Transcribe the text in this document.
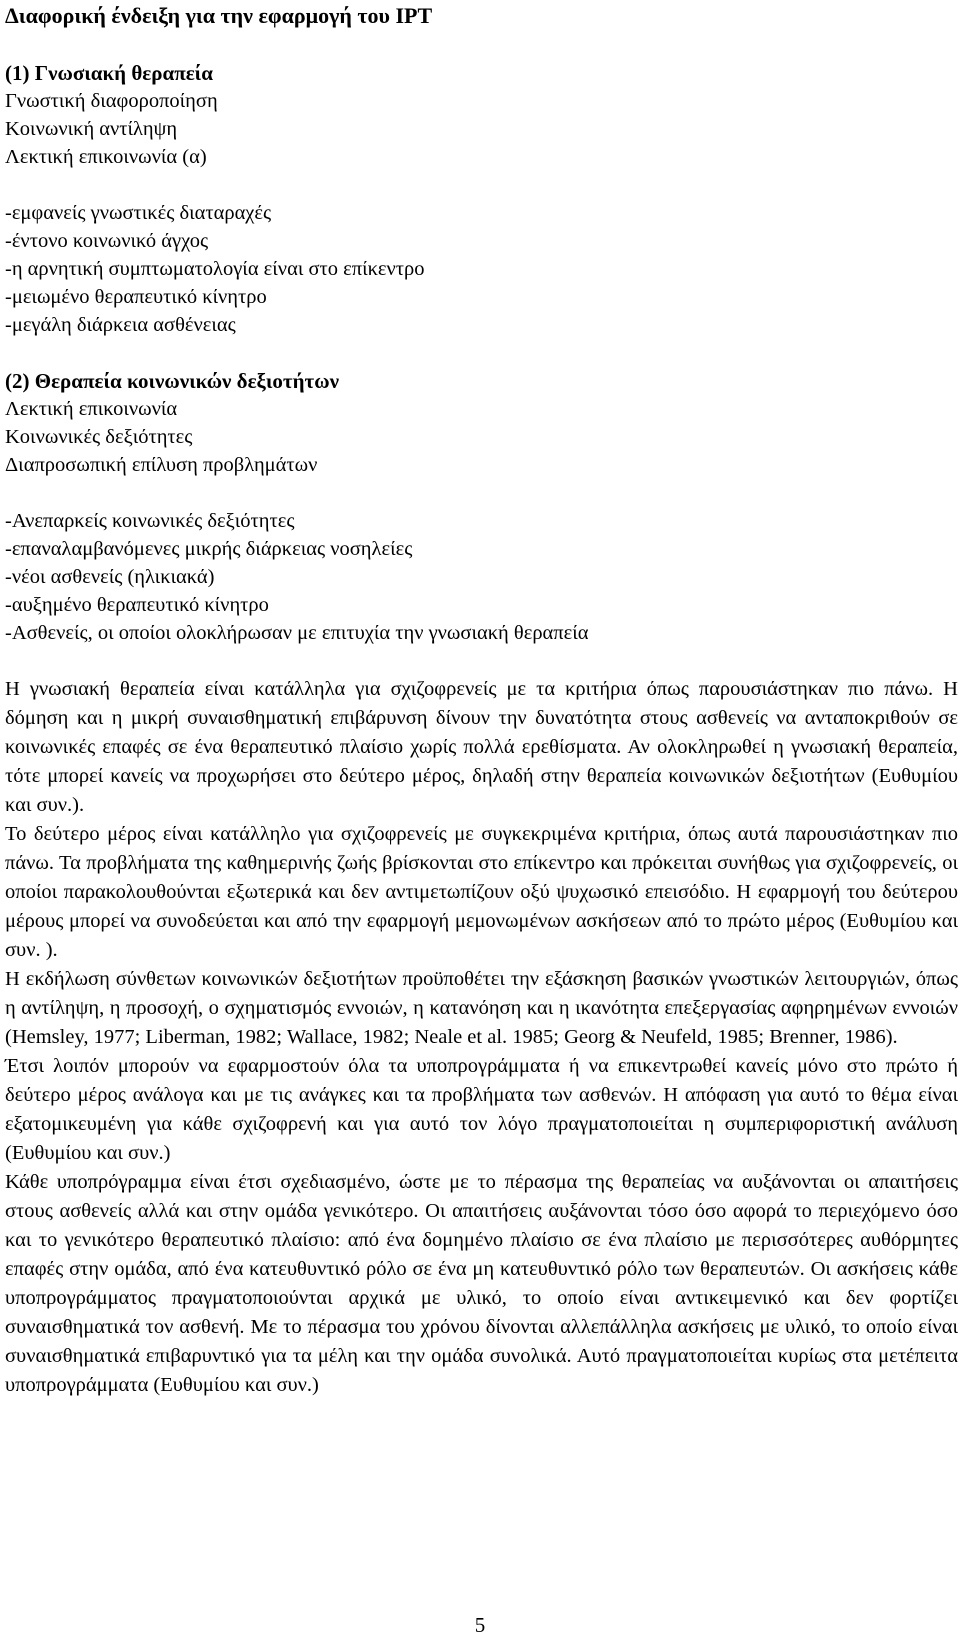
Διαφορική ένδειξη για την εφαρμογή του IPT

(1) Γνωσιακή θεραπεία

Γνωστική διαφοροποίηση

Κοινωνική αντίληψη

Λεκτική επικοινωνία (α)

-εμφανείς γνωστικές διαταραχές

-έντονο κοινωνικό άγχος

-η αρνητική συμπτωματολογία είναι στο επίκεντρο

-μειωμένο θεραπευτικό κίνητρο

-μεγάλη διάρκεια ασθένειας

(2) Θεραπεία κοινωνικών δεξιοτήτων

Λεκτική επικοινωνία

Κοινωνικές δεξιότητες

Διαπροσωπική επίλυση προβλημάτων

-Ανεπαρκείς κοινωνικές δεξιότητες

-επαναλαμβανόμενες μικρής διάρκειας νοσηλείες

-νέοι ασθενείς (ηλικιακά)

-αυξημένο θεραπευτικό κίνητρο

-Ασθενείς, οι οποίοι ολοκλήρωσαν με επιτυχία την γνωσιακή θεραπεία

Η γνωσιακή θεραπεία είναι κατάλληλα για σχιζοφρενείς με τα κριτήρια όπως παρουσιάστηκαν πιο πάνω. Η δόμηση και η μικρή συναισθηματική επιβάρυνση δίνουν την δυνατότητα στους ασθενείς να ανταποκριθούν σε κοινωνικές επαφές σε ένα θεραπευτικό πλαίσιο χωρίς πολλά ερεθίσματα. Αν ολοκληρωθεί η γνωσιακή θεραπεία, τότε μπορεί κανείς να προχωρήσει στο δεύτερο μέρος, δηλαδή στην θεραπεία κοινωνικών δεξιοτήτων (Ευθυμίου και συν.).

Το δεύτερο μέρος είναι κατάλληλο για σχιζοφρενείς με συγκεκριμένα κριτήρια, όπως αυτά παρουσιάστηκαν πιο πάνω. Τα προβλήματα της καθημερινής ζωής βρίσκονται στο επίκεντρο και πρόκειται συνήθως για σχιζοφρενείς, οι οποίοι παρακολουθούνται εξωτερικά και δεν αντιμετωπίζουν οξύ ψυχωσικό επεισόδιο. Η εφαρμογή του δεύτερου μέρους μπορεί να συνοδεύεται και από την εφαρμογή μεμονωμένων ασκήσεων από το πρώτο μέρος (Ευθυμίου και συν. ).

Η εκδήλωση σύνθετων κοινωνικών δεξιοτήτων προϋποθέτει την εξάσκηση βασικών γνωστικών λειτουργιών, όπως η αντίληψη, η προσοχή, ο σχηματισμός εννοιών, η κατανόηση και η ικανότητα επεξεργασίας αφηρημένων εννοιών (Hemsley, 1977; Liberman, 1982; Wallace, 1982; Neale et al. 1985; Georg & Neufeld, 1985; Brenner, 1986).

Έτσι λοιπόν μπορούν να εφαρμοστούν όλα τα υποπρογράμματα ή να επικεντρωθεί κανείς μόνο στο πρώτο ή δεύτερο μέρος ανάλογα και με τις ανάγκες και τα προβλήματα των ασθενών. Η απόφαση για αυτό το θέμα είναι εξατομικευμένη για κάθε σχιζοφρενή και για αυτό τον λόγο πραγματοποιείται η συμπεριφοριστική ανάλυση (Ευθυμίου και συν.)

Κάθε υποπρόγραμμα είναι έτσι σχεδιασμένο, ώστε με το πέρασμα της θεραπείας να αυξάνονται οι απαιτήσεις στους ασθενείς αλλά και στην ομάδα γενικότερο. Οι απαιτήσεις αυξάνονται τόσο όσο αφορά το περιεχόμενο όσο και το γενικότερο θεραπευτικό πλαίσιο: από ένα δομημένο πλαίσιο σε ένα πλαίσιο με περισσότερες αυθόρμητες επαφές στην ομάδα, από ένα κατευθυντικό ρόλο σε ένα μη κατευθυντικό ρόλο των θεραπευτών. Οι ασκήσεις κάθε υποπρογράμματος πραγματοποιούνται αρχικά με υλικό, το οποίο είναι αντικειμενικό και δεν φορτίζει συναισθηματικά τον ασθενή. Με το πέρασμα του χρόνου δίνονται αλλεπάλληλα ασκήσεις με υλικό, το οποίο είναι συναισθηματικά επιβαρυντικό για τα μέλη και την ομάδα συνολικά. Αυτό πραγματοποιείται κυρίως στα μετέπειτα υποπρογράμματα (Ευθυμίου και συν.)

5
